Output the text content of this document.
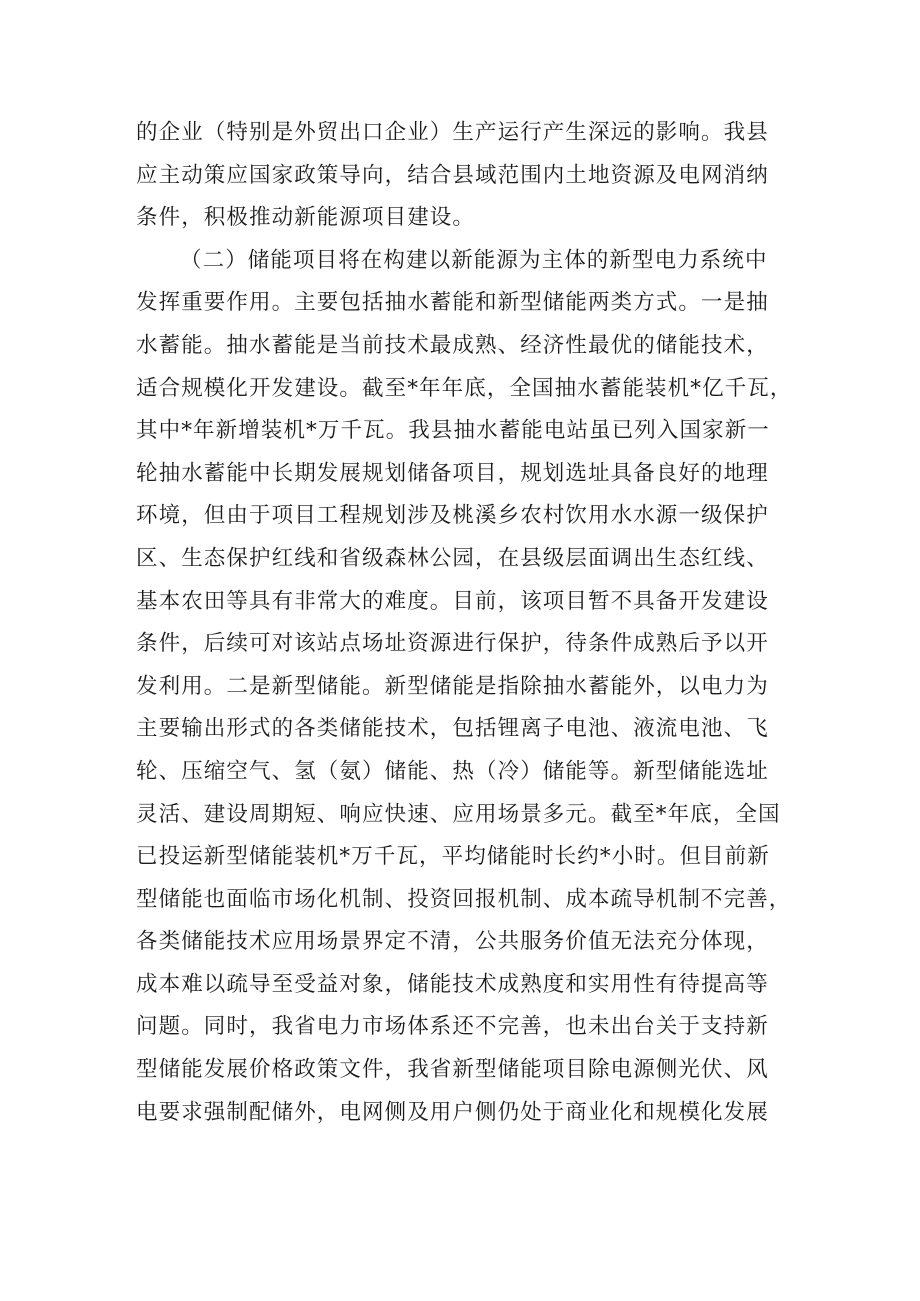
的企业（特别是外贸出口企业）生产运行产生深远的影响。我县
应主动策应国家政策导向，结合县域范围内土地资源及电网消纳
条件，积极推动新能源项目建设。
（二）储能项目将在构建以新能源为主体的新型电力系统中
发挥重要作用。主要包括抽水蓄能和新型储能两类方式。一是抽
水蓄能。抽水蓄能是当前技术最成熟、经济性最优的储能技术，
适合规模化开发建设。截至*年年底，全国抽水蓄能装机*亿千瓦，
其中*年新增装机*万千瓦。我县抽水蓄能电站虽已列入国家新一
轮抽水蓄能中长期发展规划储备项目，规划选址具备良好的地理
环境，但由于项目工程规划涉及桃溪乡农村饮用水水源一级保护
区、生态保护红线和省级森林公园，在县级层面调出生态红线、
基本农田等具有非常大的难度。目前，该项目暂不具备开发建设
条件，后续可对该站点场址资源进行保护，待条件成熟后予以开
发利用。二是新型储能。新型储能是指除抽水蓄能外，以电力为
主要输出形式的各类储能技术，包括锂离子电池、液流电池、飞
轮、压缩空气、氢（氨）储能、热（冷）储能等。新型储能选址
灵活、建设周期短、响应快速、应用场景多元。截至*年底，全国
已投运新型储能装机*万千瓦，平均储能时长约*小时。但目前新
型储能也面临市场化机制、投资回报机制、成本疏导机制不完善，
各类储能技术应用场景界定不清，公共服务价值无法充分体现，
成本难以疏导至受益对象，储能技术成熟度和实用性有待提高等
问题。同时，我省电力市场体系还不完善，也未出台关于支持新
型储能发展价格政策文件，我省新型储能项目除电源侧光伏、风
电要求强制配储外，电网侧及用户侧仍处于商业化和规模化发展
